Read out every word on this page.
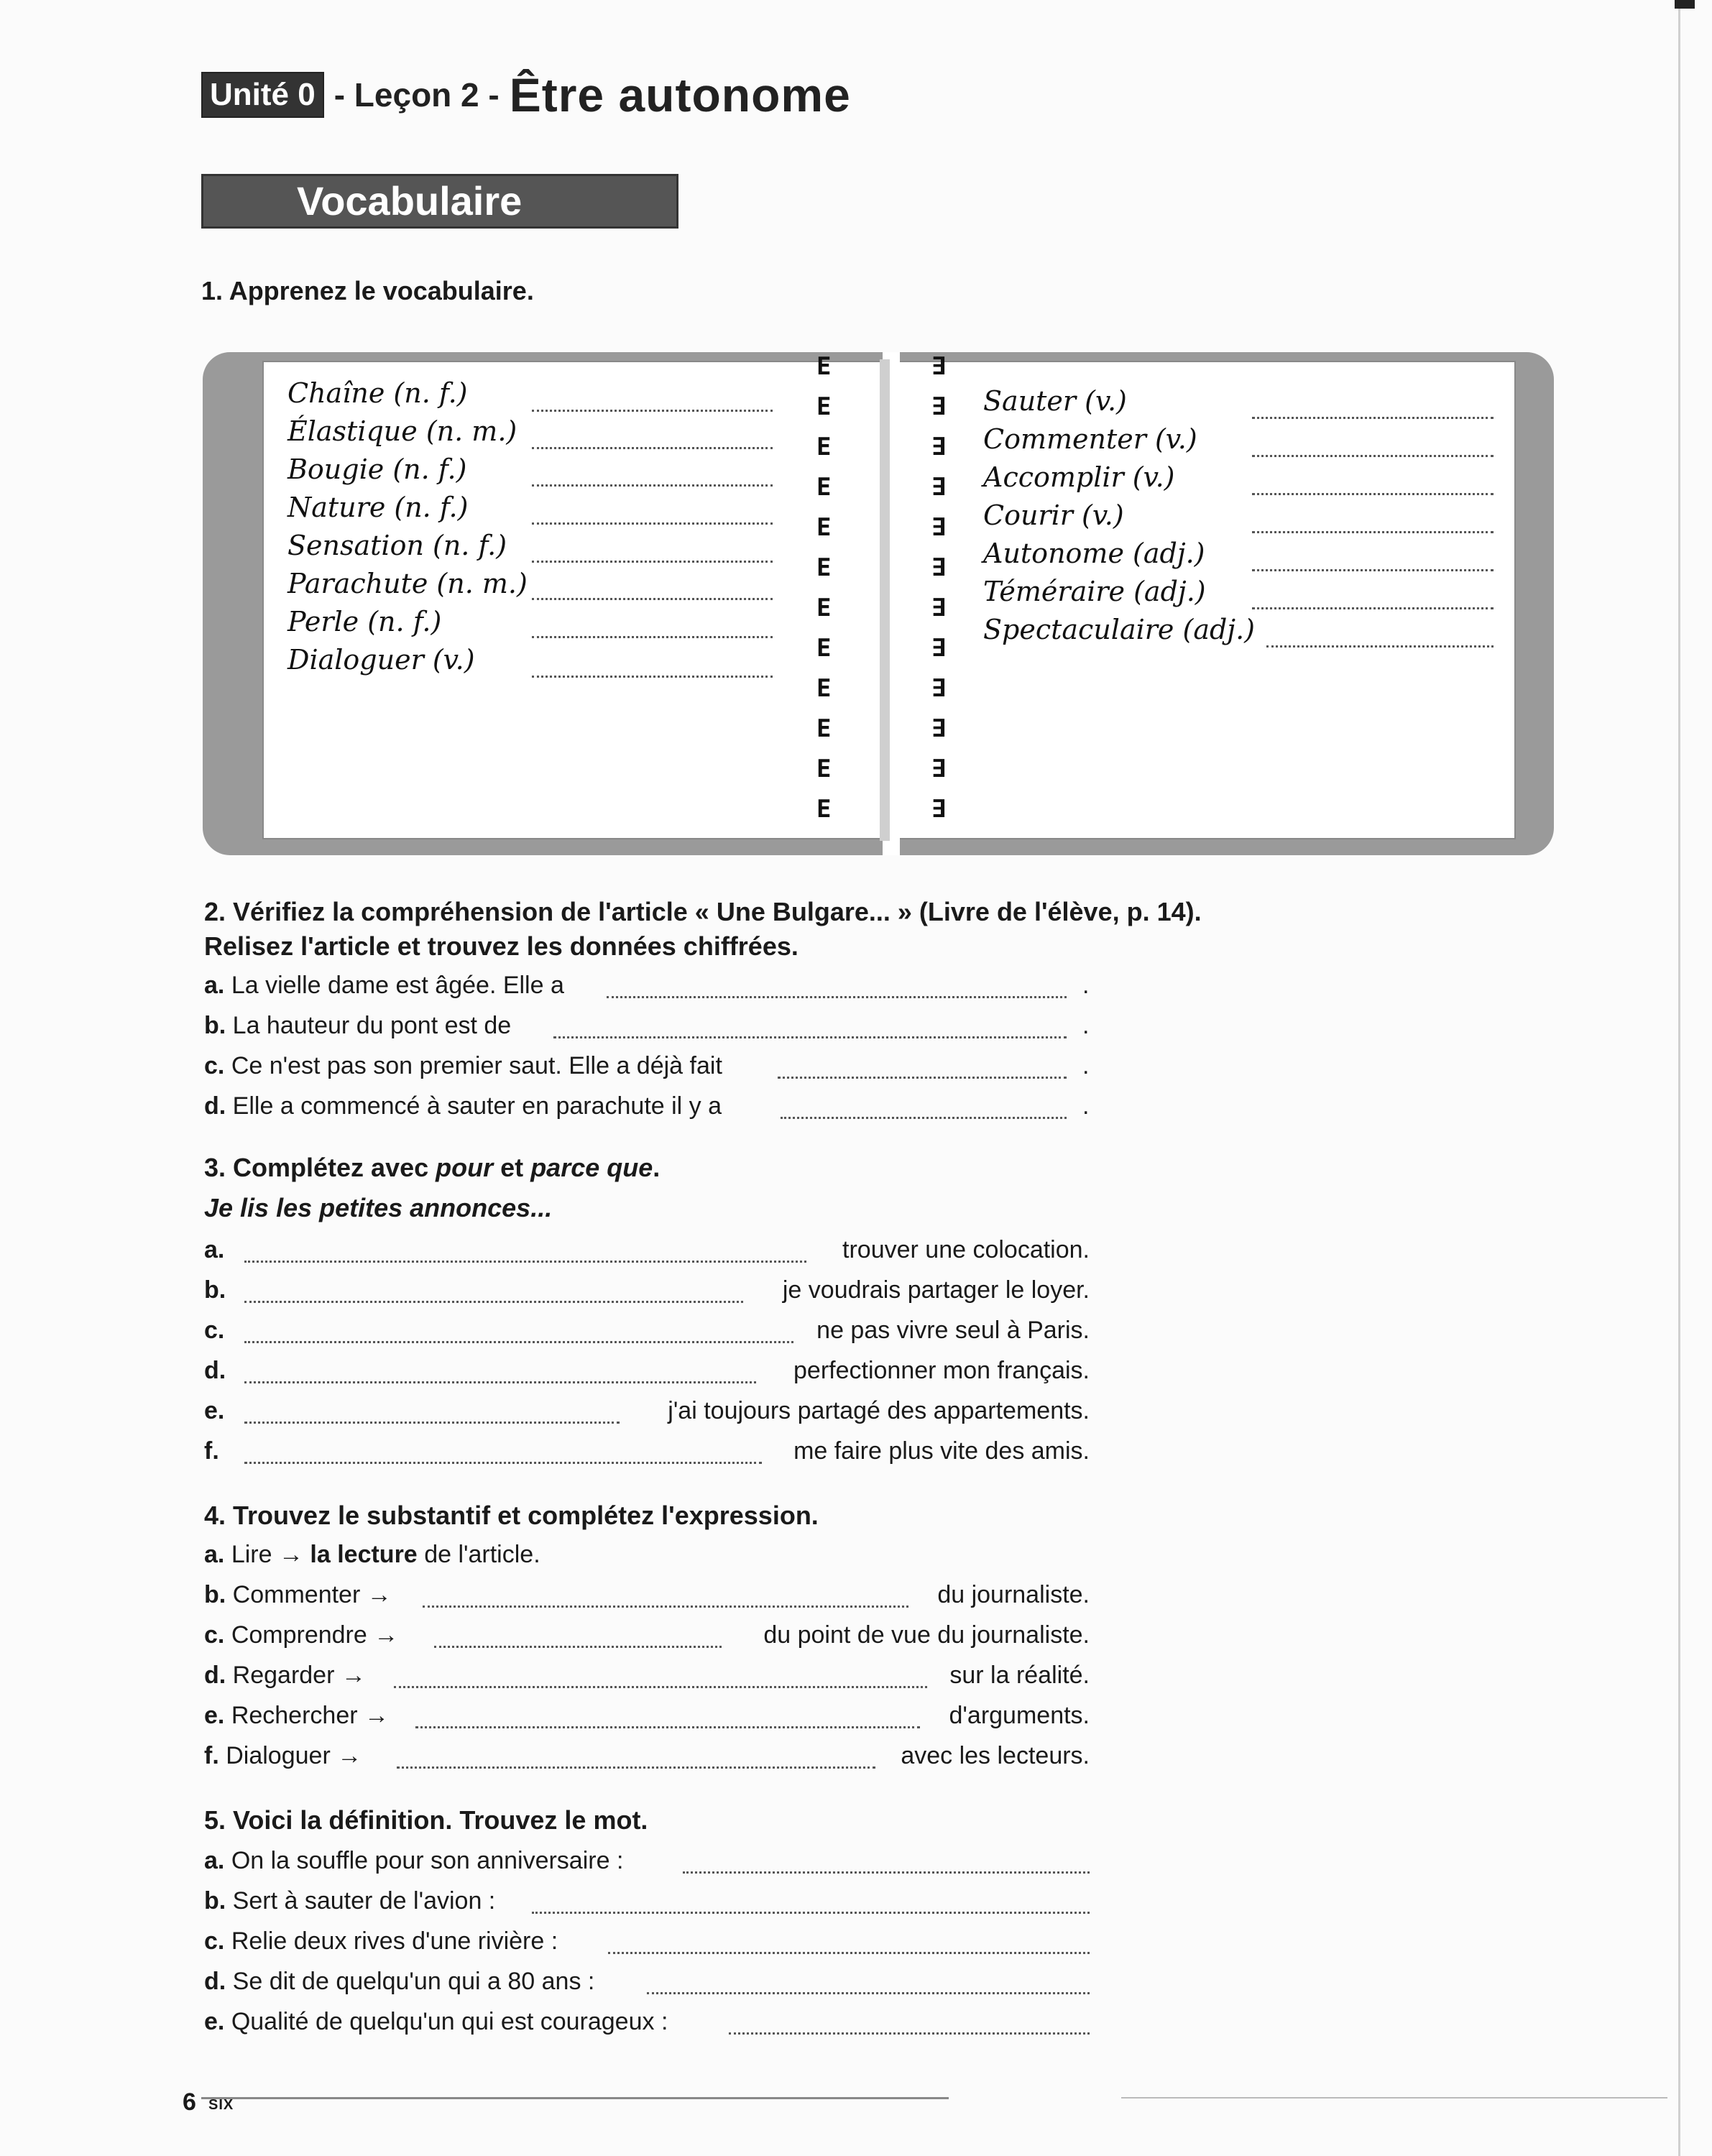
Unité 0 - Leçon 2 - Être autonome
Vocabulaire
1. Apprenez le vocabulaire.
Chaîne (n. f.)
Élastique (n. m.)
Bougie (n. f.)
Nature (n. f.)
Sensation (n. f.)
Parachute (n. m.)
Perle (n. f.)
Dialoguer (v.)
Sauter (v.)
Commenter (v.)
Accomplir (v.)
Courir (v.)
Autonome (adj.)
Téméraire (adj.)
Spectaculaire (adj.)
E	∃
E	∃
E	∃
E	∃
E	∃
E	∃
E	∃
E	∃
E	∃
E	∃
E	∃
E	∃
2. Vérifiez la compréhension de l'article « Une Bulgare... » (Livre de l'élève, p. 14).
Relisez l'article et trouvez les données chiffrées.
a. La vielle dame est âgée. Elle a	.
b. La hauteur du pont est de	.
c. Ce n'est pas son premier saut. Elle a déjà fait	.
d. Elle a commencé à sauter en parachute il y a	.
3. Complétez avec pour et parce que.
Je lis les petites annonces...
a.	trouver une colocation.
b.	je voudrais partager le loyer.
c.	ne pas vivre seul à Paris.
d.	perfectionner mon français.
e.	j'ai toujours partagé des appartements.
f.	me faire plus vite des amis.
4. Trouvez le substantif et complétez l'expression.
a. Lire → la lecture de l'article.
b. Commenter →	du journaliste.
c. Comprendre →	du point de vue du journaliste.
d. Regarder →	sur la réalité.
e. Rechercher →	d'arguments.
f. Dialoguer →	avec les lecteurs.
5. Voici la définition. Trouvez le mot.
a. On la souffle pour son anniversaire :
b. Sert à sauter de l'avion :
c. Relie deux rives d'une rivière :
d. Se dit de quelqu'un qui a 80 ans :
e. Qualité de quelqu'un qui est courageux :
6 SIX
